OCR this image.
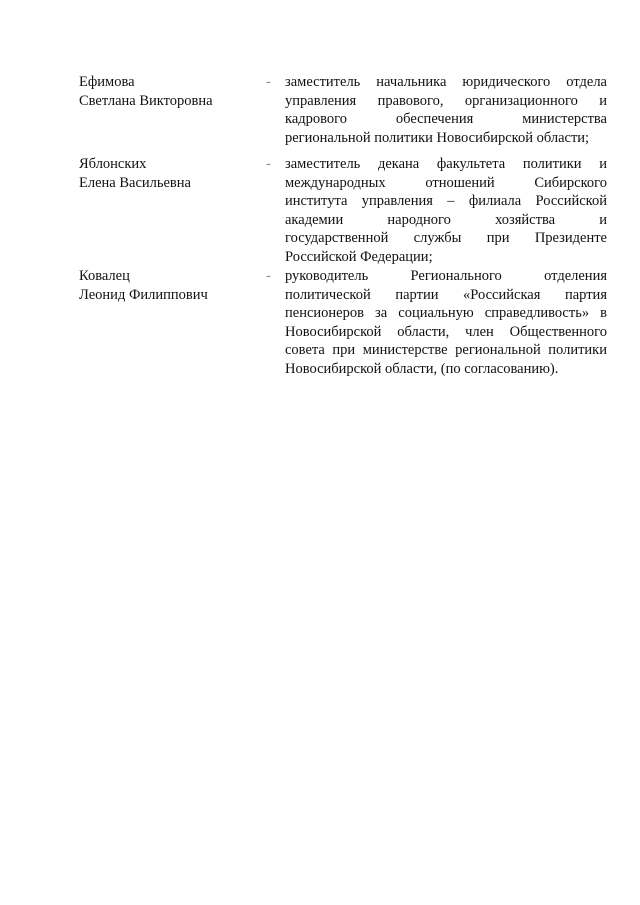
Ефимова
Светлана Викторовна
- заместитель начальника юридического отдела
управления правового, организационного и
кадрового обеспечения министерства
региональной политики Новосибирской области;
Яблонских
Елена Васильевна
- заместитель декана факультета политики и
международных отношений Сибирского
института управления – филиала Российской
академии народного хозяйства и
государственной службы при Президенте
Российской Федерации;
Ковалец
Леонид Филиппович
- руководитель Регионального отделения
политической партии «Российская партия
пенсионеров за социальную справедливость» в
Новосибирской области, член Общественного
совета при министерстве региональной политики
Новосибирской области, (по согласованию).
